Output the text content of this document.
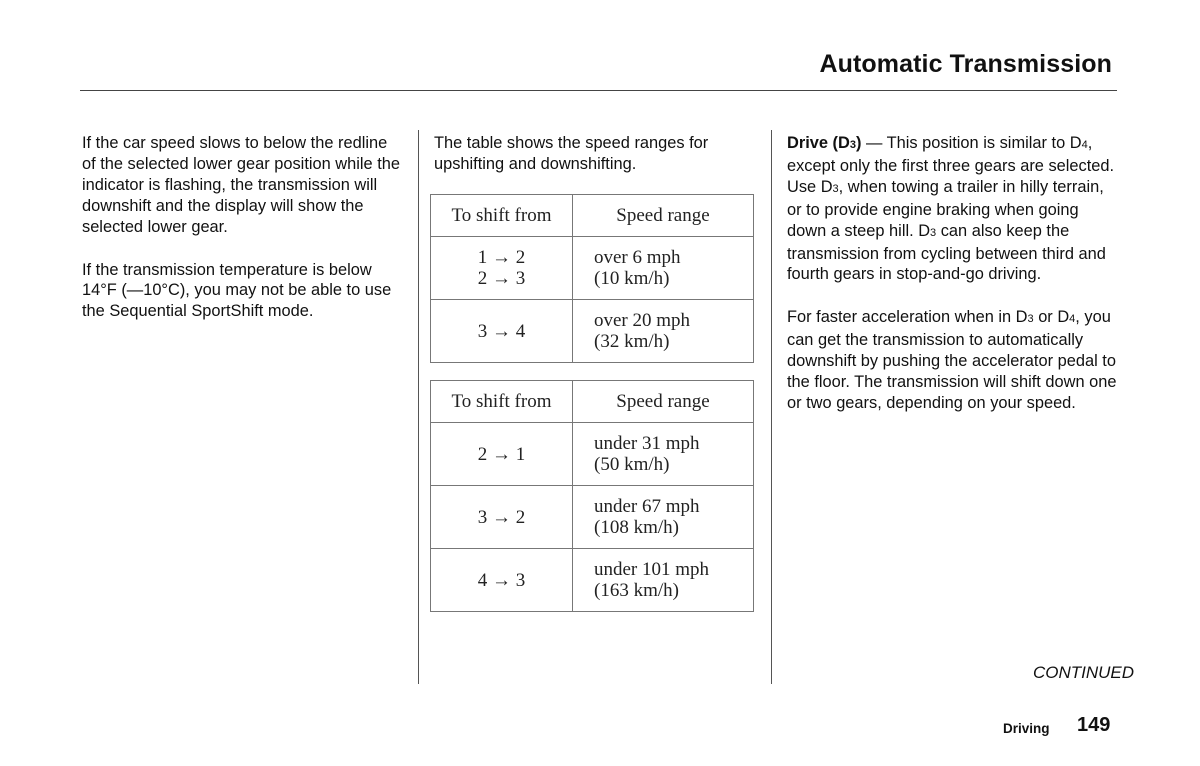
Automatic Transmission

If the car speed slows to below the redline of the selected lower gear position while the indicator is flashing, the transmission will downshift and the display will show the selected lower gear.

If the transmission temperature is below 14°F (—10°C), you may not be able to use the Sequential SportShift mode.

The table shows the speed ranges for upshifting and downshifting.

To shift from	Speed range
1 → 2
2 → 3	over 6 mph
(10 km/h)
3 → 4	over 20 mph
(32 km/h)
To shift from	Speed range
2 → 1	under 31 mph
(50 km/h)
3 → 2	under 67 mph
(108 km/h)
4 → 3	under 101 mph
(163 km/h)

Drive (D3) — This position is similar to D4, except only the first three gears are selected. Use D3, when towing a trailer in hilly terrain, or to provide engine braking when going down a steep hill. D3 can also keep the transmission from cycling between third and fourth gears in stop-and-go driving.

For faster acceleration when in D3 or D4, you can get the transmission to automatically downshift by pushing the accelerator pedal to the floor. The transmission will shift down one or two gears, depending on your speed.

CONTINUED
Driving 149
